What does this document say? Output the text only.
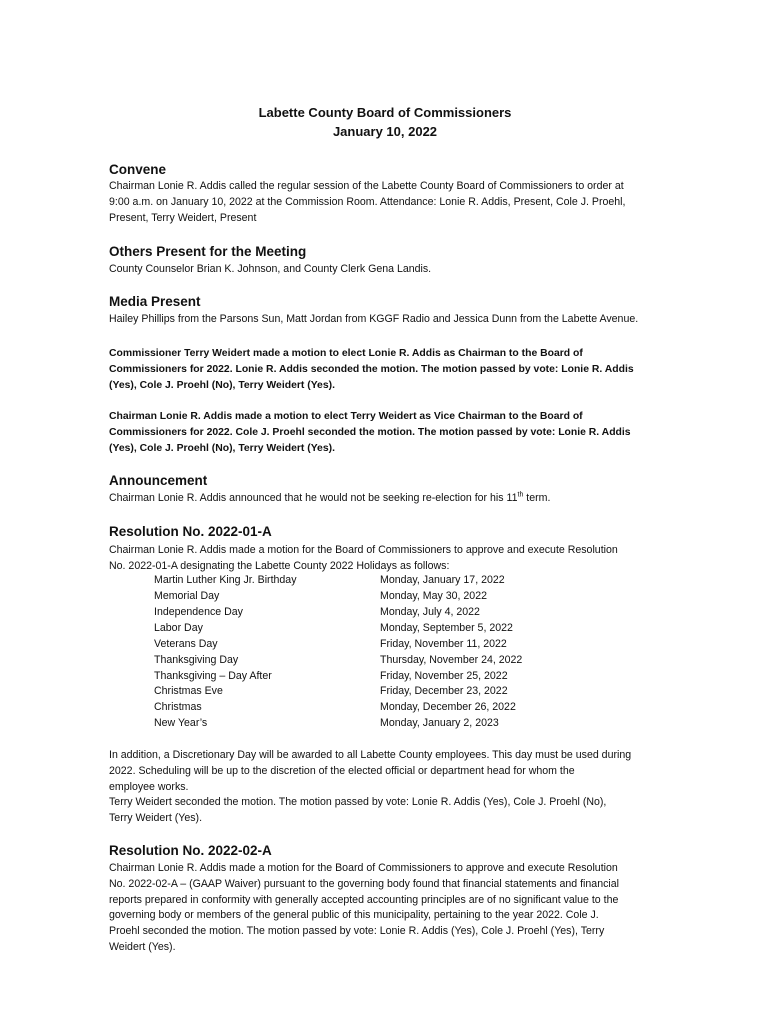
Labette County Board of Commissioners
January 10, 2022
Convene
Chairman Lonie R. Addis called the regular session of the Labette County Board of Commissioners to order at
9:00 a.m. on January 10, 2022 at the Commission Room. Attendance: Lonie R. Addis, Present, Cole J. Proehl,
Present, Terry Weidert, Present
Others Present for the Meeting
County Counselor Brian K. Johnson, and County Clerk Gena Landis.
Media Present
Hailey Phillips from the Parsons Sun, Matt Jordan from KGGF Radio and Jessica Dunn from the Labette Avenue.
Commissioner Terry Weidert made a motion to elect Lonie R. Addis as Chairman to the Board of
Commissioners for 2022. Lonie R. Addis seconded the motion. The motion passed by vote: Lonie R. Addis
(Yes), Cole J. Proehl (No), Terry Weidert (Yes).
Chairman Lonie R. Addis made a motion to elect Terry Weidert as Vice Chairman to the Board of
Commissioners for 2022. Cole J. Proehl seconded the motion. The motion passed by vote: Lonie R. Addis
(Yes), Cole J. Proehl (No), Terry Weidert (Yes).
Announcement
Chairman Lonie R. Addis announced that he would not be seeking re-election for his 11th term.
Resolution No. 2022-01-A
Chairman Lonie R. Addis made a motion for the Board of Commissioners to approve and execute Resolution
No. 2022-01-A designating the Labette County 2022 Holidays as follows:
Martin Luther King Jr. Birthday	Monday, January 17, 2022
Memorial Day	Monday, May 30, 2022
Independence Day	Monday, July 4, 2022
Labor Day	Monday, September 5, 2022
Veterans Day	Friday, November 11, 2022
Thanksgiving Day	Thursday, November 24, 2022
Thanksgiving – Day After	Friday, November 25, 2022
Christmas Eve	Friday, December 23, 2022
Christmas	Monday, December 26, 2022
New Year’s	Monday, January 2, 2023
In addition, a Discretionary Day will be awarded to all Labette County employees. This day must be used during
2022. Scheduling will be up to the discretion of the elected official or department head for whom the
employee works.
Terry Weidert seconded the motion. The motion passed by vote: Lonie R. Addis (Yes), Cole J. Proehl (No),
Terry Weidert (Yes).
Resolution No. 2022-02-A
Chairman Lonie R. Addis made a motion for the Board of Commissioners to approve and execute Resolution
No. 2022-02-A – (GAAP Waiver) pursuant to the governing body found that financial statements and financial
reports prepared in conformity with generally accepted accounting principles are of no significant value to the
governing body or members of the general public of this municipality, pertaining to the year 2022. Cole J.
Proehl seconded the motion. The motion passed by vote: Lonie R. Addis (Yes), Cole J. Proehl (Yes), Terry
Weidert (Yes).
